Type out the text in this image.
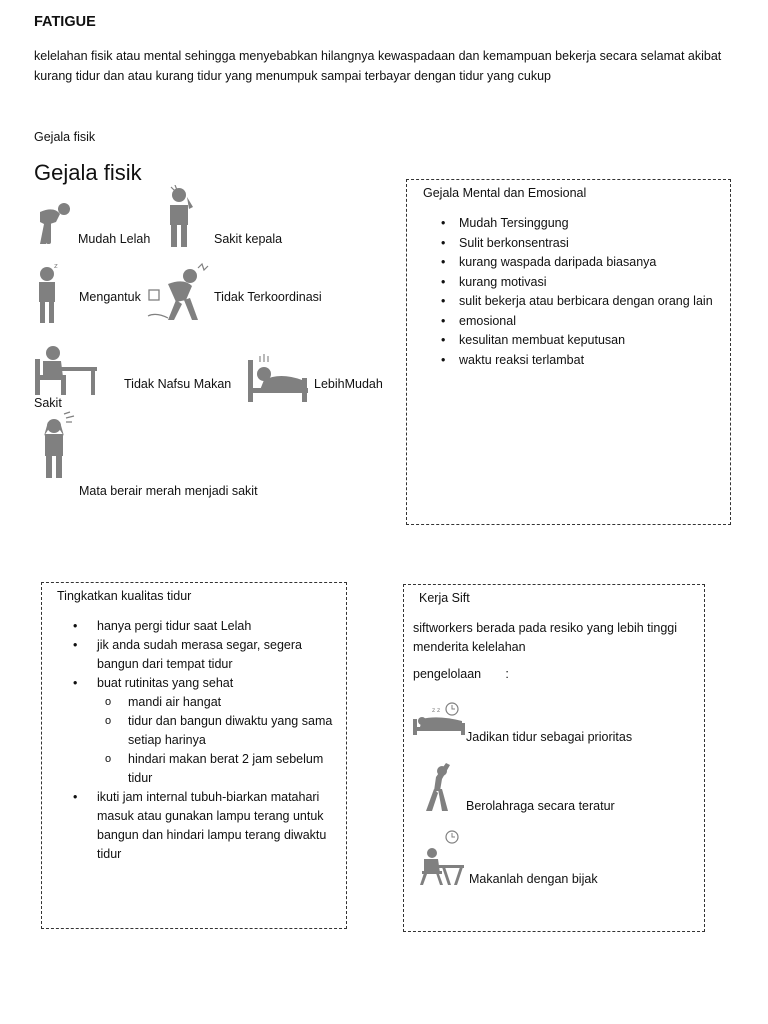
FATIGUE
kelelahan fisik atau mental sehingga menyebabkan hilangnya kewaspadaan dan kemampuan bekerja secara selamat akibat kurang tidur dan atau kurang tidur yang menumpuk sampai terbayar dengan tidur yang cukup
Gejala fisik
Gejala fisik
z
Mudah Lelah	Sakit kepala
Mengantuk	Tidak Terkoordinasi
Tidak Nafsu Makan	LebihMudah
Sakit
Mata berair merah menjadi sakit
Gejala Mental dan Emosional
• Mudah Tersinggung
• Sulit berkonsentrasi
• kurang waspada daripada biasanya
• kurang motivasi
• sulit bekerja atau berbicara dengan orang lain
• emosional
• kesulitan membuat keputusan
• waktu reaksi terlambat
Tingkatkan kualitas tidur
• hanya pergi tidur saat Lelah
• jik anda sudah merasa segar, segera bangun dari tempat tidur
• buat rutinitas yang sehat
o mandi air hangat
o tidur dan bangun diwaktu yang sama setiap harinya
o hindari makan berat 2 jam sebelum tidur
• ikuti jam internal tubuh-biarkan matahari masuk atau gunakan lampu terang untuk bangun dan hindari lampu terang diwaktu tidur
Kerja Sift
siftworkers berada pada resiko yang lebih tinggi menderita kelelahan
pengelolaan       :
z z
Jadikan tidur sebagai prioritas
Berolahraga secara teratur
Makanlah dengan bijak
